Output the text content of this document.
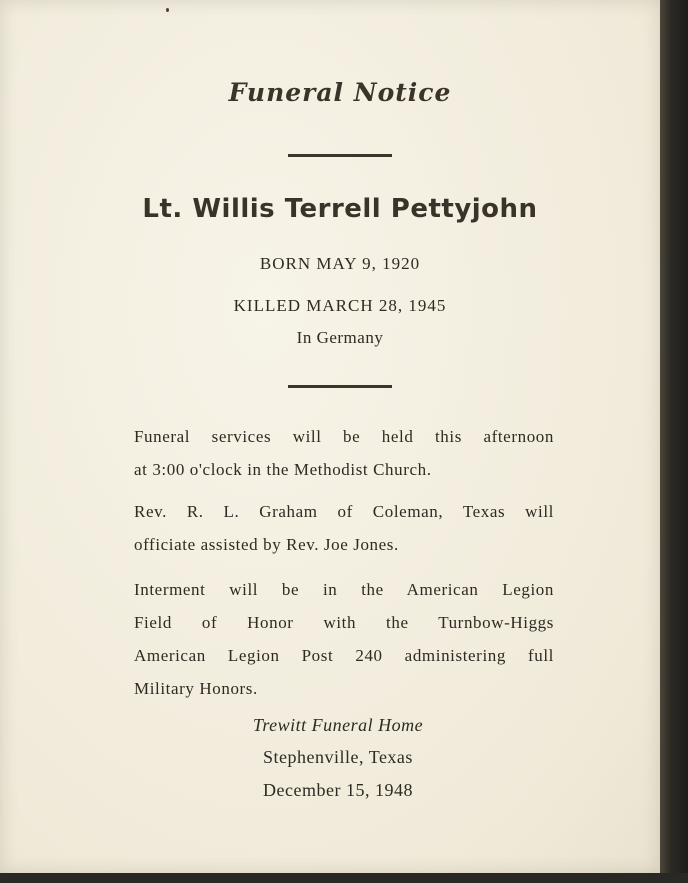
Funeral Notice
Lt. Willis Terrell Pettyjohn
BORN MAY 9, 1920
KILLED MARCH 28, 1945
In Germany
Funeral services will be held this afternoon
at 3:00 o'clock in the Methodist Church.
Rev. R. L. Graham of Coleman, Texas will
officiate assisted by Rev. Joe Jones.
Interment will be in the American Legion
Field of Honor with the Turnbow-Higgs
American Legion Post 240 administering full
Military Honors.
Trewitt Funeral Home
Stephenville, Texas
December 15, 1948
